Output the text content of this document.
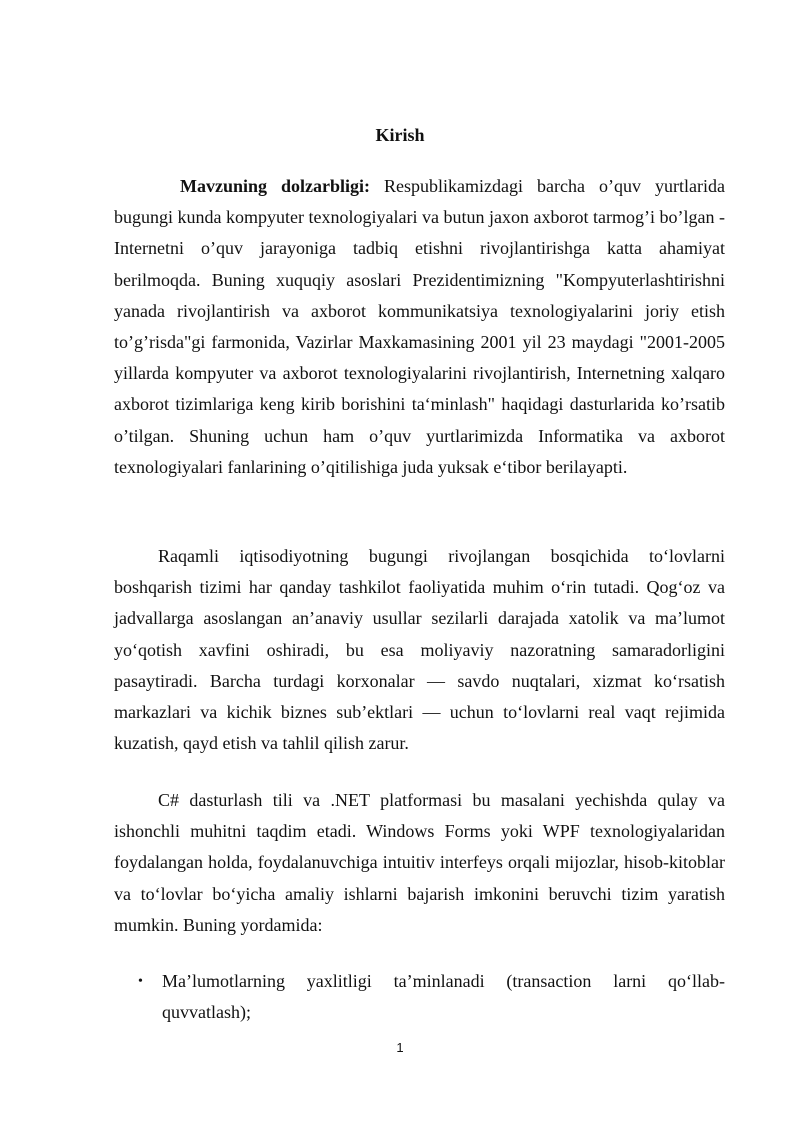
Kirish

Mavzuning dolzarbligi: Respublikamizdagi barcha o’quv yurtlarida bugungi kunda kompyuter texnologiyalari va butun jaxon axborot tarmog’i bo’lgan - Internetni o’quv jarayoniga tadbiq etishni rivojlantirishga katta ahamiyat berilmoqda. Buning xuquqiy asoslari Prezidentimizning "Kompyuterlashtirishni yanada rivojlantirish va axborot kommunikatsiya texnologiyalarini joriy etish to’g’risda"gi farmonida, Vazirlar Maxkamasining 2001 yil 23 maydagi "2001-2005 yillarda kompyuter va axborot texnologiyalarini rivojlantirish, Internetning xalqaro axborot tizimlariga keng kirib borishini ta‘minlash" haqidagi dasturlarida ko’rsatib o’tilgan. Shuning uchun ham o’quv yurtlarimizda Informatika va axborot texnologiyalari fanlarining o’qitilishiga juda yuksak e‘tibor berilayapti.

Raqamli iqtisodiyotning bugungi rivojlangan bosqichida to‘lovlarni boshqarish tizimi har qanday tashkilot faoliyatida muhim o‘rin tutadi. Qog‘oz va jadvallarga asoslangan an’anaviy usullar sezilarli darajada xatolik va ma’lumot yo‘qotish xavfini oshiradi, bu esa moliyaviy nazoratning samaradorligini pasaytiradi. Barcha turdagi korxonalar — savdo nuqtalari, xizmat ko‘rsatish markazlari va kichik biznes sub’ektlari — uchun to‘lovlarni real vaqt rejimida kuzatish, qayd etish va tahlil qilish zarur.

C# dasturlash tili va .NET platformasi bu masalani yechishda qulay va ishonchli muhitni taqdim etadi. Windows Forms yoki WPF texnologiyalaridan foydalangan holda, foydalanuvchiga intuitiv interfeys orqali mijozlar, hisob-kitoblar va to‘lovlar bo‘yicha amaliy ishlarni bajarish imkonini beruvchi tizim yaratish mumkin. Buning yordamida:

• Ma’lumotlarning yaxlitligi ta’minlanadi (transaction larni qo‘llab-quvvatlash);

1
